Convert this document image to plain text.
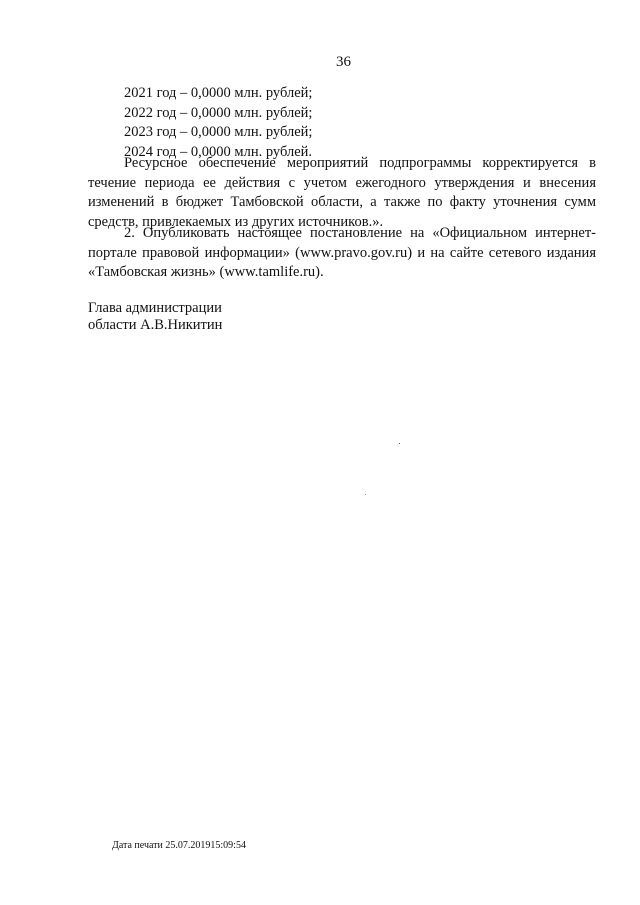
36
2021 год – 0,0000 млн. рублей;
2022 год – 0,0000 млн. рублей;
2023 год – 0,0000 млн. рублей;
2024 год – 0,0000 млн. рублей.
Ресурсное обеспечение мероприятий подпрограммы корректируется в течение периода ее действия с учетом ежегодного утверждения и внесения изменений в бюджет Тамбовской области, а также по факту уточнения сумм средств, привлекаемых из других источников.».
2. Опубликовать настоящее постановление на «Официальном интернет-портале правовой информации» (www.pravo.gov.ru) и на сайте сетевого издания «Тамбовская жизнь» (www.tamlife.ru).
Глава администрации
области А.В.Никитин
Дата печати 25.07.201915:09:54
